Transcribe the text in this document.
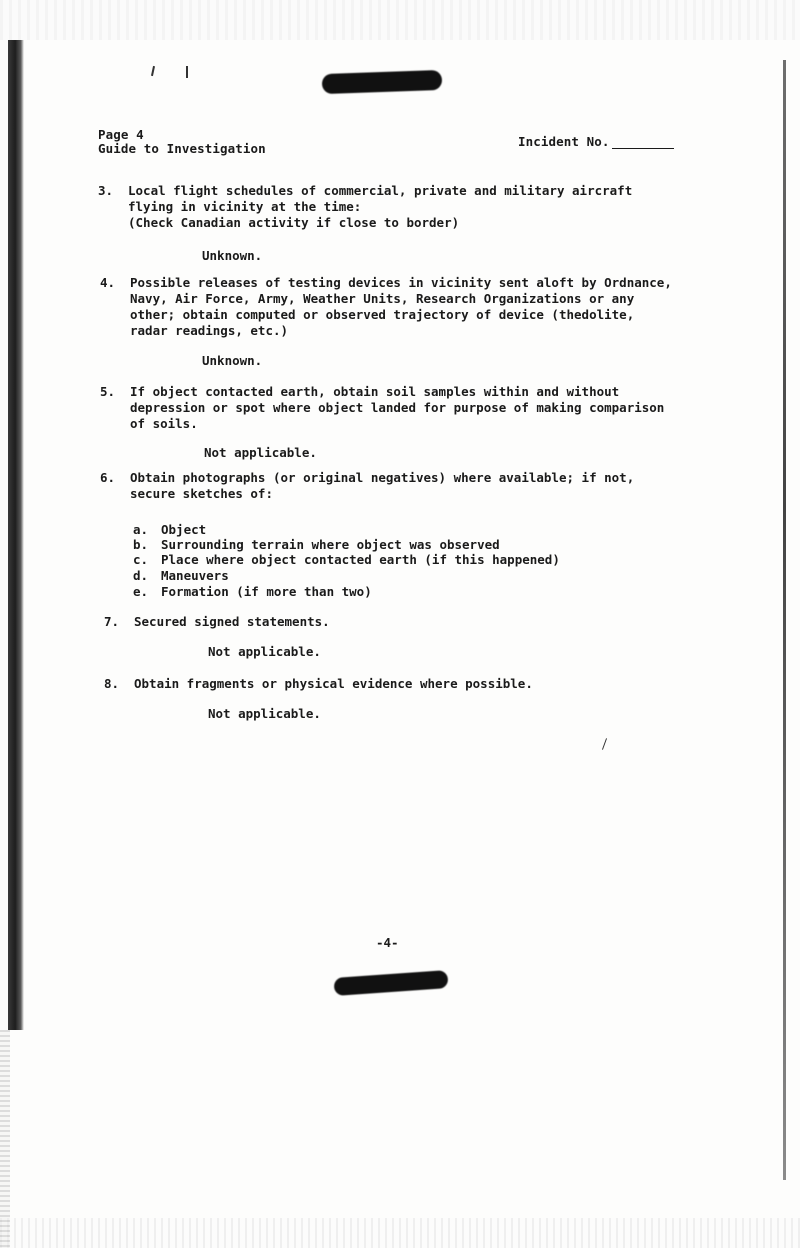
Page 4
Guide to Investigation	Incident No.
3. Local flight schedules of commercial, private and military aircraft
flying in vicinity at the time:
(Check Canadian activity if close to border)
Unknown.
4. Possible releases of testing devices in vicinity sent aloft by Ordnance,
Navy, Air Force, Army, Weather Units, Research Organizations or any
other; obtain computed or observed trajectory of device (thedolite,
radar readings, etc.)
Unknown.
5. If object contacted earth, obtain soil samples within and without
depression or spot where object landed for purpose of making comparison
of soils.
Not applicable.
6. Obtain photographs (or original negatives) where available; if not,
secure sketches of:
a. Object
b. Surrounding terrain where object was observed
c. Place where object contacted earth (if this happened)
d. Maneuvers
e. Formation (if more than two)
7. Secured signed statements.
Not applicable.
8. Obtain fragments or physical evidence where possible.
Not applicable.
-4-
